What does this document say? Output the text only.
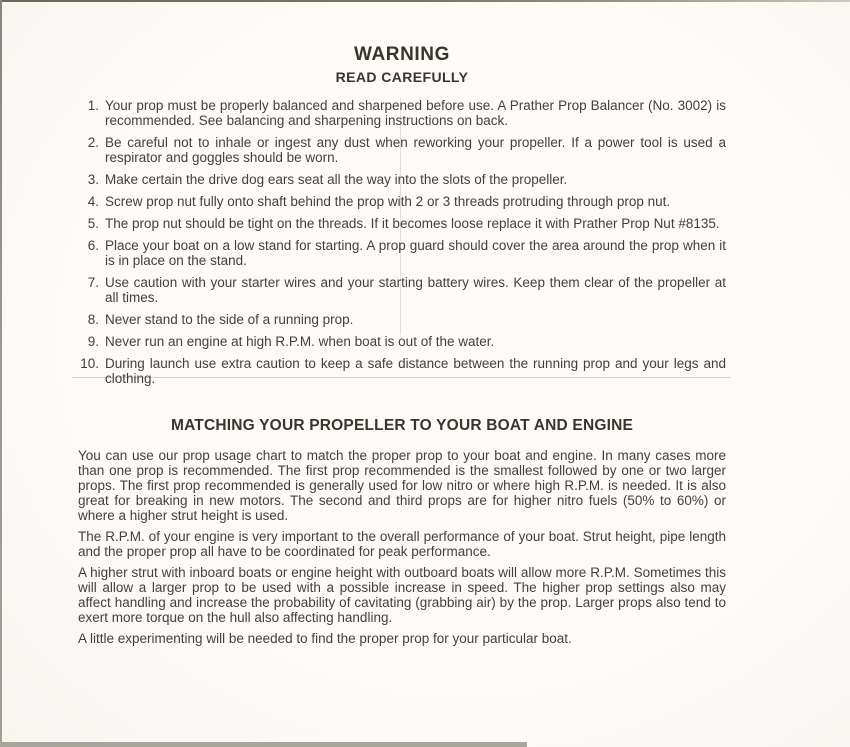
WARNING
READ CAREFULLY
1. Your prop must be properly balanced and sharpened before use. A Prather Prop Balancer (No. 3002) is recommended. See balancing and sharpening instructions on back.
2. Be careful not to inhale or ingest any dust when reworking your propeller. If a power tool is used a respirator and goggles should be worn.
3. Make certain the drive dog ears seat all the way into the slots of the propeller.
4. Screw prop nut fully onto shaft behind the prop with 2 or 3 threads protruding through prop nut.
5. The prop nut should be tight on the threads. If it becomes loose replace it with Prather Prop Nut #8135.
6. Place your boat on a low stand for starting. A prop guard should cover the area around the prop when it is in place on the stand.
7. Use caution with your starter wires and your starting battery wires. Keep them clear of the propeller at all times.
8. Never stand to the side of a running prop.
9. Never run an engine at high R.P.M. when boat is out of the water.
10. During launch use extra caution to keep a safe distance between the running prop and your legs and clothing.
MATCHING YOUR PROPELLER TO YOUR BOAT AND ENGINE

You can use our prop usage chart to match the proper prop to your boat and engine. In many cases more than one prop is recommended. The first prop recommended is the smallest followed by one or two larger props. The first prop recommended is generally used for low nitro or where high R.P.M. is needed. It is also great for breaking in new motors. The second and third props are for higher nitro fuels (50% to 60%) or where a higher strut height is used.

The R.P.M. of your engine is very important to the overall performance of your boat. Strut height, pipe length and the proper prop all have to be coordinated for peak performance.

A higher strut with inboard boats or engine height with outboard boats will allow more R.P.M. Sometimes this will allow a larger prop to be used with a possible increase in speed. The higher prop settings also may affect handling and increase the probability of cavitating (grabbing air) by the prop. Larger props also tend to exert more torque on the hull also affecting handling.

A little experimenting will be needed to find the proper prop for your particular boat.
